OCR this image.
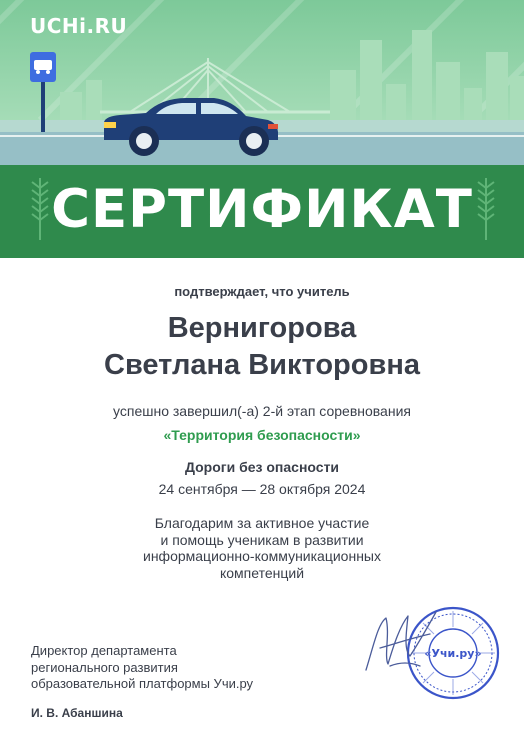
UCHi.RU
СЕРТИФИКАТ
подтверждает, что учитель
Вернигорова
Светлана Викторовна
успешно завершил(-а) 2-й этап соревнования
«Территория безопасности»
Дороги без опасности
24 сентября — 28 октября 2024
Благодарим за активное участие
и помощь ученикам в развитии
информационно-коммуникационных
компетенций
Директор департамента
регионального развития
образовательной платформы Учи.ру
И. В. Абаншина
«Учи.ру»
